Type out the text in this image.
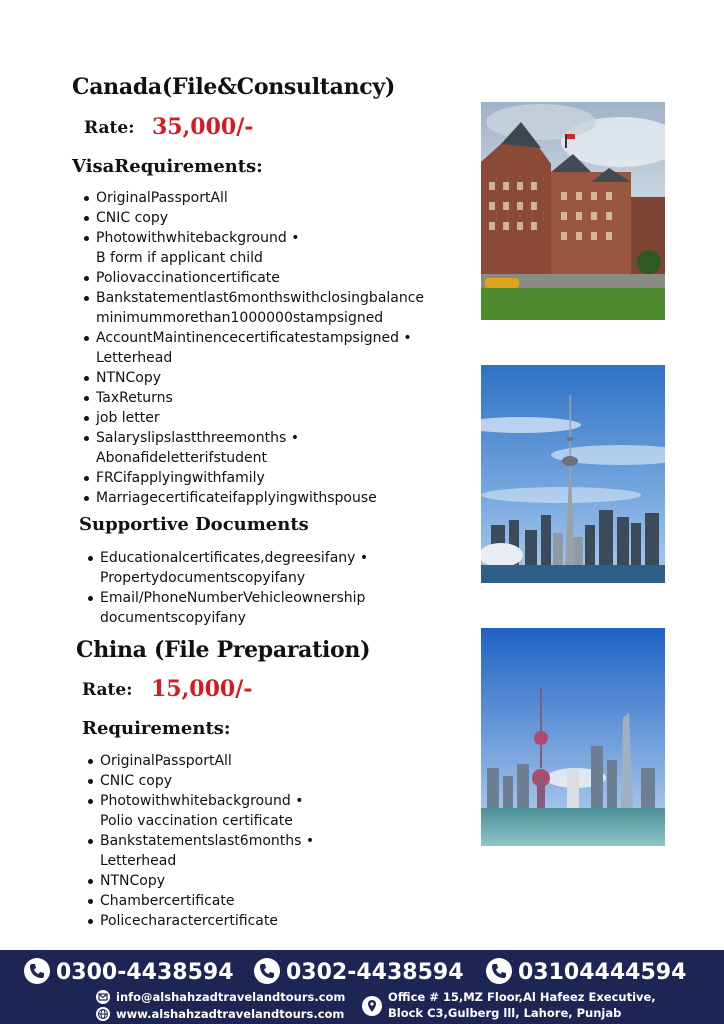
Canada(File&Consultancy)
Rate: 35,000/-
VisaRequirements:
OriginalPassportAll
CNIC copy
Photowithwhitebackground •
B form if applicant child
Poliovaccinationcertificate
Bankstatementlast6monthswithclosingbalance
minimummorethan1000000stampsigned
AccountMaintinencecertificatestampsigned •
Letterhead
NTNCopy
TaxReturns
job letter
Salaryslipslastthreemonths •
Abonafideletterifstudent
FRCifapplyingwithfamily
Marriagecertificateifapplyingwithspouse
Supportive Documents
Educationalcertificates,degreesifany •
Propertydocumentscopyifany
Email/PhoneNumberVehicleownership
documentscopyifany
China (File Preparation)
Rate: 15,000/-
Requirements:
OriginalPassportAll
CNIC copy
Photowithwhitebackground •
Polio vaccination certificate
Bankstatementslast6months •
Letterhead
NTNCopy
Chambercertificate
Policecharactercertificate
0300-4438594	0302-4438594	03104444594
info@alshahzadtravelandtours.com
www.alshahzadtravelandtours.com
Office # 15,MZ Floor,Al Hafeez Executive,
Block C3,Gulberg lll, Lahore, Punjab
